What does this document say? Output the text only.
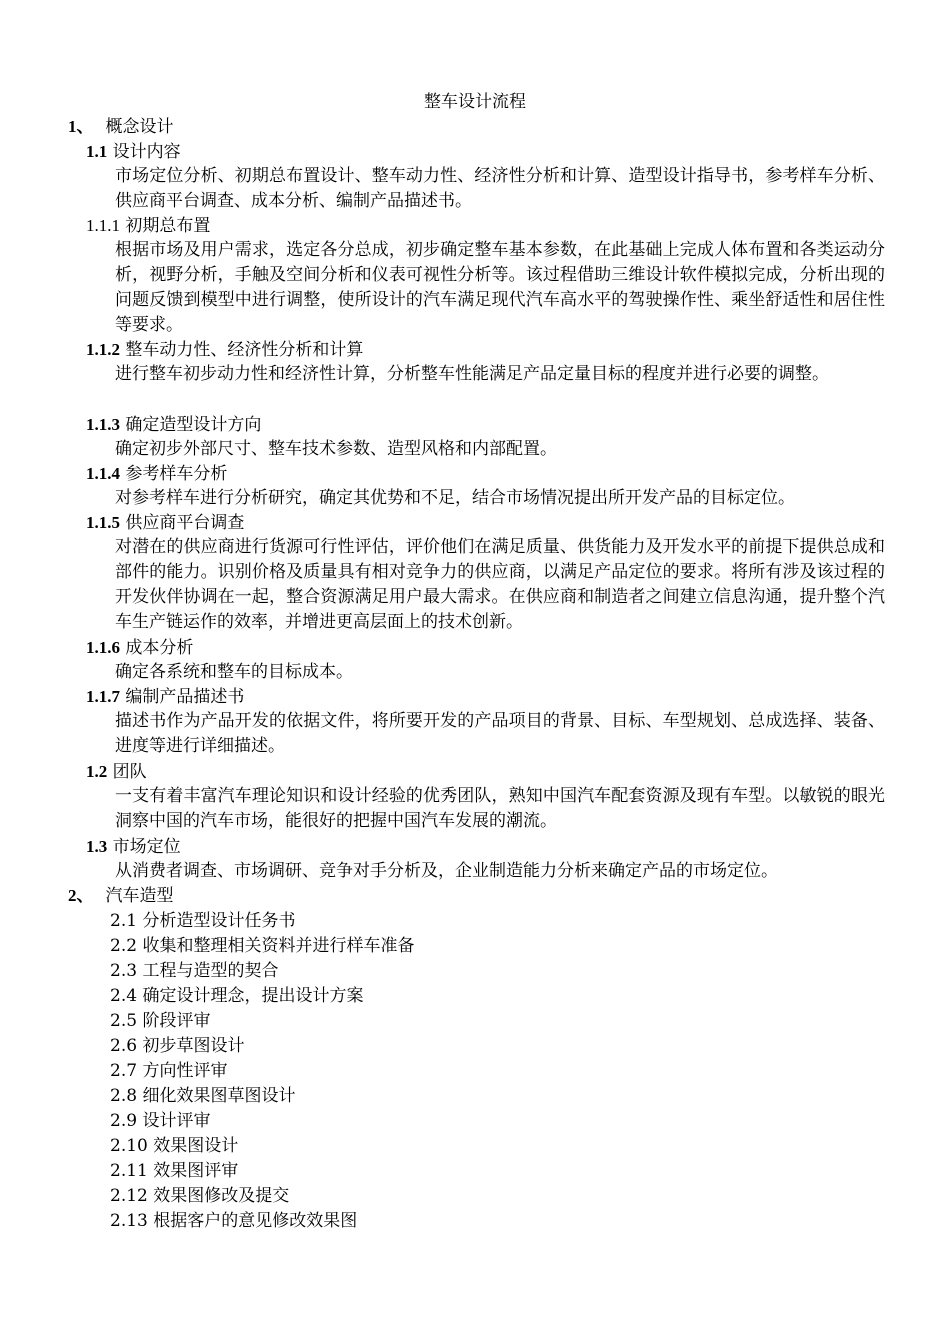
整车设计流程
1、 概念设计
1.1 设计内容
市场定位分析、初期总布置设计、整车动力性、经济性分析和计算、造型设计指导书，参考样车分析、供应商平台调查、成本分析、编制产品描述书。
1.1.1 初期总布置
根据市场及用户需求，选定各分总成，初步确定整车基本参数，在此基础上完成人体布置和各类运动分析，视野分析，手触及空间分析和仪表可视性分析等。该过程借助三维设计软件模拟完成，分析出现的问题反馈到模型中进行调整，使所设计的汽车满足现代汽车高水平的驾驶操作性、乘坐舒适性和居住性等要求。
1.1.2 整车动力性、经济性分析和计算
进行整车初步动力性和经济性计算，分析整车性能满足产品定量目标的程度并进行必要的调整。
1.1.3 确定造型设计方向
确定初步外部尺寸、整车技术参数、造型风格和内部配置。
1.1.4 参考样车分析
对参考样车进行分析研究，确定其优势和不足，结合市场情况提出所开发产品的目标定位。
1.1.5 供应商平台调查
对潜在的供应商进行货源可行性评估，评价他们在满足质量、供货能力及开发水平的前提下提供总成和部件的能力。识别价格及质量具有相对竞争力的供应商，以满足产品定位的要求。将所有涉及该过程的开发伙伴协调在一起，整合资源满足用户最大需求。在供应商和制造者之间建立信息沟通，提升整个汽车生产链运作的效率，并增进更高层面上的技术创新。
1.1.6 成本分析
确定各系统和整车的目标成本。
1.1.7 编制产品描述书
描述书作为产品开发的依据文件，将所要开发的产品项目的背景、目标、车型规划、总成选择、装备、进度等进行详细描述。
1.2 团队
一支有着丰富汽车理论知识和设计经验的优秀团队，熟知中国汽车配套资源及现有车型。以敏锐的眼光洞察中国的汽车市场，能很好的把握中国汽车发展的潮流。
1.3 市场定位
从消费者调查、市场调研、竞争对手分析及，企业制造能力分析来确定产品的市场定位。
2、 汽车造型
2.1 分析造型设计任务书
2.2 收集和整理相关资料并进行样车准备
2.3 工程与造型的契合
2.4 确定设计理念，提出设计方案
2.5 阶段评审
2.6 初步草图设计
2.7 方向性评审
2.8 细化效果图草图设计
2.9 设计评审
2.10 效果图设计
2.11 效果图评审
2.12 效果图修改及提交
2.13 根据客户的意见修改效果图
